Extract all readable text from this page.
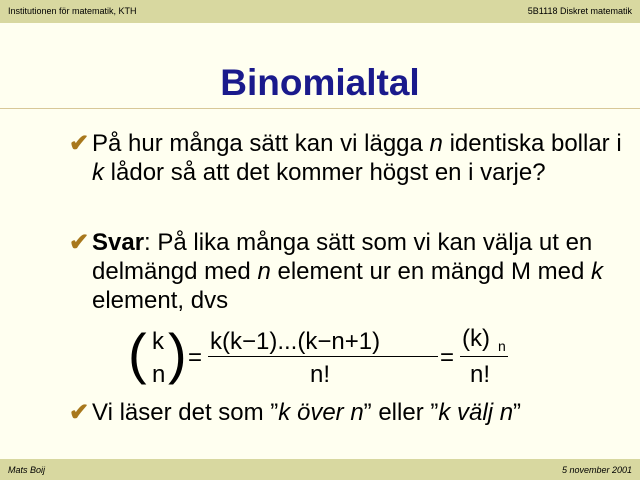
Institutionen för matematik, KTH	5B1118 Diskret matematik
Binomialtal
✔ På hur många sätt kan vi lägga n identiska bollar i k lådor så att det kommer högst en i varje?
✔ Svar: På lika många sätt som vi kan välja ut en delmängd med n element ur en mängd M med k element, dvs
( k
n ) =
k(k−1)...(k−n+1)
n!
=
(k) n
n!
✔ Vi läser det som ”k över n” eller ”k välj n”
Mats Boij	5 november 2001
